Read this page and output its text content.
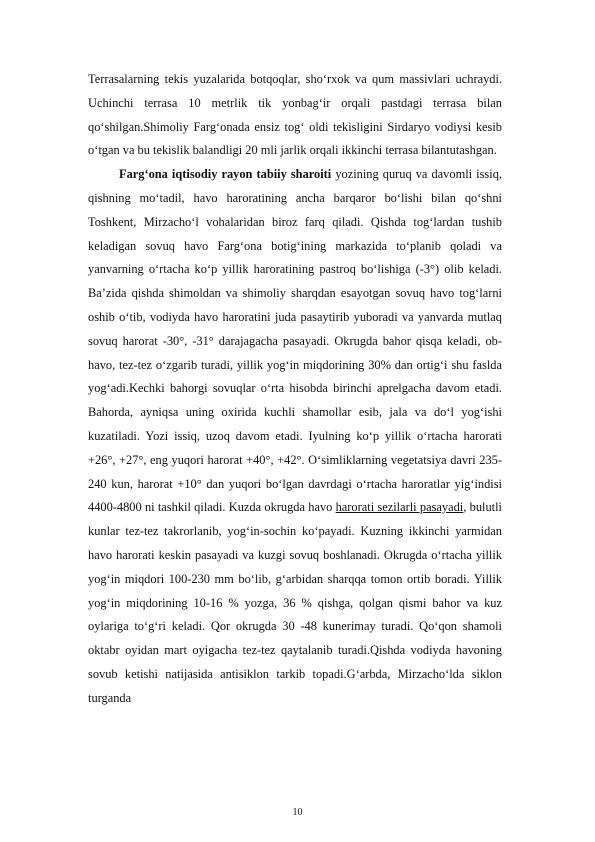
Terrasalarning tekis yuzalarida botqoqlar, sho‘rxok va qum massivlari uchraydi. Uchinchi terrasa 10 metrlik tik yonbag‘ir orqali pastdagi terrasa bilan qo‘shilgan.Shimoliy Farg‘onada ensiz tog‘ oldi tekisligini Sirdaryo vodiysi kesib o‘tgan va bu tekislik balandligi 20 mli jarlik orqali ikkinchi terrasa bilantutashgan.

Farg‘ona iqtisodiy rayon tabiiy sharoiti yozining quruq va davomli issiq, qishning mo‘tadil, havo haroratining ancha barqaror bo‘lishi bilan qo‘shni Toshkent, Mirzacho‘l vohalaridan biroz farq qiladi. Qishda tog‘lardan tushib keladigan sovuq havo Farg‘ona botig‘ining markazida to‘planib qoladi va yanvarning o‘rtacha ko‘p yillik haroratining pastroq bo‘lishiga (-3°) olib keladi. Ba’zida qishda shimoldan va shimoliy sharqdan esayotgan sovuq havo tog‘larni oshib o‘tib, vodiyda havo haroratini juda pasaytirib yuboradi va yanvarda mutlaq sovuq harorat -30°, -31° darajagacha pasayadi. Okrugda bahor qisqa keladi, ob-havo, tez-tez o‘zgarib turadi, yillik yog‘in miqdorining 30% dan ortig‘i shu faslda yog‘adi.Kechki bahorgi sovuqlar o‘rta hisobda birinchi aprelgacha davom etadi. Bahorda, ayniqsa uning oxirida kuchli shamollar esib, jala va do‘l yog‘ishi kuzatiladi. Yozi issiq, uzoq davom etadi. Iyulning ko‘p yillik o‘rtacha harorati +26°, +27°, eng yuqori harorat +40°, +42°. O‘simliklarning vegetatsiya davri 235-240 kun, harorat +10° dan yuqori bo‘lgan davrdagi o‘rtacha haroratlar yig‘indisi 4400-4800 ni tashkil qiladi. Kuzda okrugda havo harorati sezilarli pasayadi, bulutli kunlar tez-tez takrorlanib, yog‘in-sochin ko‘payadi. Kuzning ikkinchi yarmidan havo harorati keskin pasayadi va kuzgi sovuq boshlanadi. Okrugda o‘rtacha yillik yog‘in miqdori 100-230 mm bo‘lib, g‘arbidan sharqqa tomon ortib boradi. Yillik yog‘in miqdorining 10-16 % yozga, 36 % qishga, qolgan qismi bahor va kuz oylariga to‘g‘ri keladi. Qor okrugda 30 -48 kunerimay turadi. Qo‘qon shamoli oktabr oyidan mart oyigacha tez-tez qaytalanib turadi.Qishda vodiyda havoning sovub ketishi natijasida antisiklon tarkib topadi.G‘arbda, Mirzacho‘lda siklon turganda

10
